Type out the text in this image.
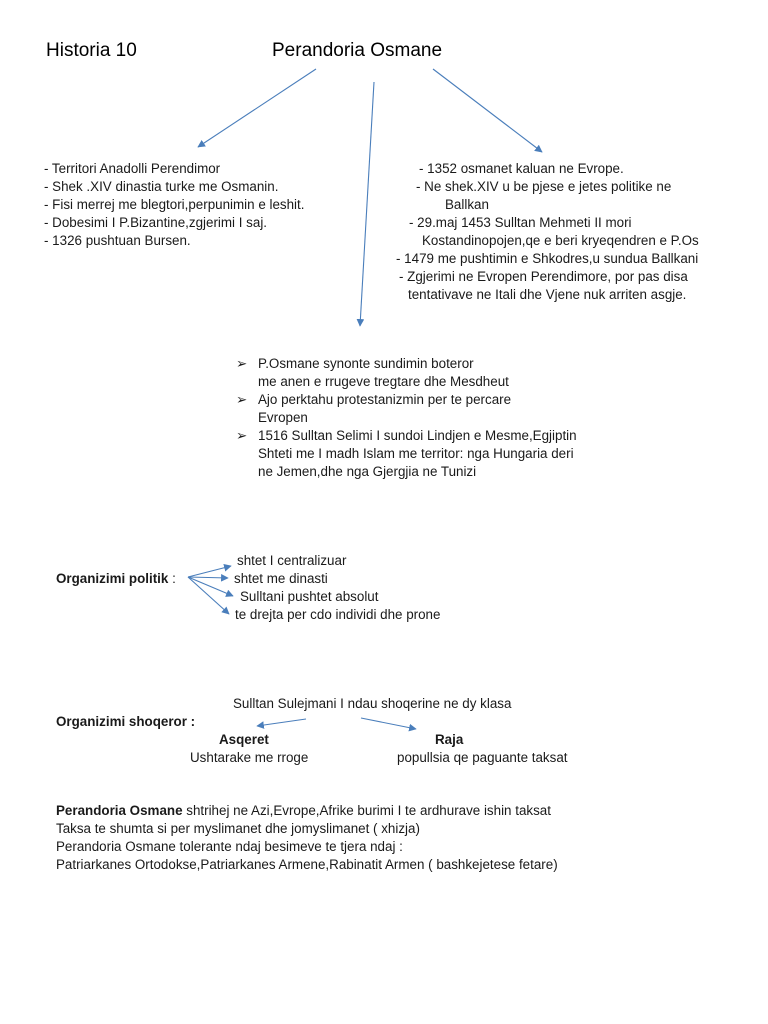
Historia 10	Perandoria Osmane
- Territori Anadolli Perendimor
- Shek .XIV dinastia turke me Osmanin.
- Fisi merrej me blegtori,perpunimin e leshit.
- Dobesimi I P.Bizantine,zgjerimi I saj.
- 1326 pushtuan Bursen.
- 1352 osmanet kaluan ne Evrope.
- Ne shek.XIV u be pjese e jetes politike ne
Ballkan
- 29.maj 1453 Sulltan Mehmeti II mori
Kostandinopojen,qe e beri kryeqendren e P.Os
- 1479 me pushtimin e Shkodres,u sundua Ballkani
- Zgjerimi ne Evropen Perendimore, por pas disa
tentativave ne Itali dhe Vjene nuk arriten asgje.
➢ P.Osmane synonte sundimin boteror
me anen e rrugeve tregtare dhe Mesdheut
➢ Ajo perktahu protestanizmin per te percare
Evropen
➢ 1516 Sulltan Selimi I sundoi Lindjen e Mesme,Egjiptin
Shteti me I madh Islam me territor: nga Hungaria deri
ne Jemen,dhe nga Gjergjia ne Tunizi
Organizimi politik :
shtet I centralizuar
shtet me dinasti
Sulltani pushtet absolut
te drejta per cdo individi dhe prone
Sulltan Sulejmani I ndau shoqerine ne dy klasa
Organizimi shoqeror :
Asqeret
Ushtarake me rroge
Raja
popullsia qe paguante taksat
Perandoria Osmane shtrihej ne Azi,Evrope,Afrike burimi I te ardhurave ishin taksat
Taksa te shumta si per myslimanet dhe jomyslimanet ( xhizja)
Perandoria Osmane tolerante ndaj besimeve te tjera ndaj :
Patriarkanes Ortodokse,Patriarkanes Armene,Rabinatit Armen ( bashkejetese fetare)
